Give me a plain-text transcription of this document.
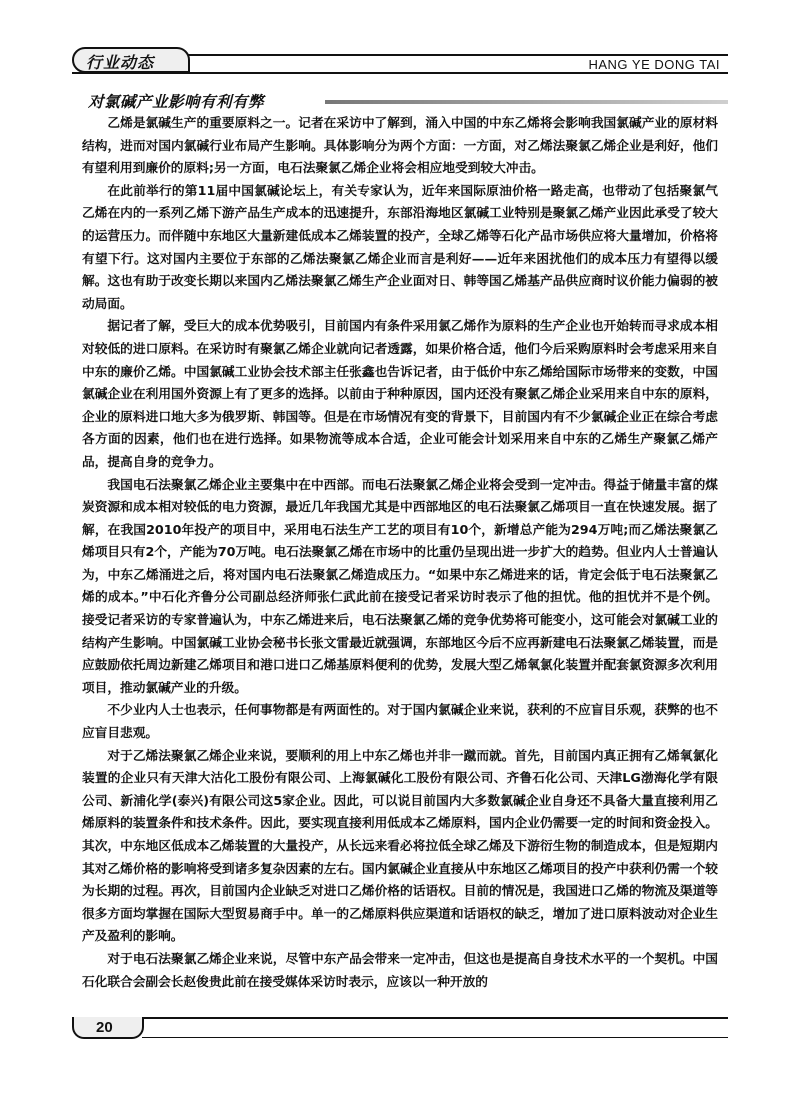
行业动态	HANG YE DONG TAI
对氯碱产业影响有利有弊

乙烯是氯碱生产的重要原料之一。记者在采访中了解到，涌入中国的中东乙烯将会影响我国氯碱产业的原材料结构，进而对国内氯碱行业布局产生影响。具体影响分为两个方面：一方面，对乙烯法聚氯乙烯企业是利好，他们有望利用到廉价的原料;另一方面，电石法聚氯乙烯企业将会相应地受到较大冲击。

在此前举行的第11届中国氯碱论坛上，有关专家认为，近年来国际原油价格一路走高，也带动了包括聚氯气乙烯在内的一系列乙烯下游产品生产成本的迅速提升，东部沿海地区氯碱工业特别是聚氯乙烯产业因此承受了较大的运营压力。而伴随中东地区大量新建低成本乙烯装置的投产，全球乙烯等石化产品市场供应将大量增加，价格将有望下行。这对国内主要位于东部的乙烯法聚氯乙烯企业而言是利好——近年来困扰他们的成本压力有望得以缓解。这也有助于改变长期以来国内乙烯法聚氯乙烯生产企业面对日、韩等国乙烯基产品供应商时议价能力偏弱的被动局面。

据记者了解，受巨大的成本优势吸引，目前国内有条件采用氯乙烯作为原料的生产企业也开始转而寻求成本相对较低的进口原料。在采访时有聚氯乙烯企业就向记者透露，如果价格合适，他们今后采购原料时会考虑采用来自中东的廉价乙烯。中国氯碱工业协会技术部主任张鑫也告诉记者，由于低价中东乙烯给国际市场带来的变数，中国氯碱企业在利用国外资源上有了更多的选择。以前由于种种原因，国内还没有聚氯乙烯企业采用来自中东的原料，企业的原料进口地大多为俄罗斯、韩国等。但是在市场情况有变的背景下，目前国内有不少氯碱企业正在综合考虑各方面的因素，他们也在进行选择。如果物流等成本合适，企业可能会计划采用来自中东的乙烯生产聚氯乙烯产品，提高自身的竞争力。

我国电石法聚氯乙烯企业主要集中在中西部。而电石法聚氯乙烯企业将会受到一定冲击。得益于储量丰富的煤炭资源和成本相对较低的电力资源，最近几年我国尤其是中西部地区的电石法聚氯乙烯项目一直在快速发展。据了解，在我国2010年投产的项目中，采用电石法生产工艺的项目有10个，新增总产能为294万吨;而乙烯法聚氯乙烯项目只有2个，产能为70万吨。电石法聚氯乙烯在市场中的比重仍呈现出进一步扩大的趋势。但业内人士普遍认为，中东乙烯涌进之后，将对国内电石法聚氯乙烯造成压力。“如果中东乙烯进来的话，肯定会低于电石法聚氯乙烯的成本。”中石化齐鲁分公司副总经济师张仁武此前在接受记者采访时表示了他的担忧。他的担忧并不是个例。接受记者采访的专家普遍认为，中东乙烯进来后，电石法聚氯乙烯的竞争优势将可能变小，这可能会对氯碱工业的结构产生影响。中国氯碱工业协会秘书长张文雷最近就强调，东部地区今后不应再新建电石法聚氯乙烯装置，而是应鼓励依托周边新建乙烯项目和港口进口乙烯基原料便利的优势，发展大型乙烯氧氯化装置并配套氯资源多次利用项目，推动氯碱产业的升级。

不少业内人士也表示，任何事物都是有两面性的。对于国内氯碱企业来说，获利的不应盲目乐观，获弊的也不应盲目悲观。

对于乙烯法聚氯乙烯企业来说，要顺利的用上中东乙烯也并非一蹴而就。首先，目前国内真正拥有乙烯氧氯化装置的企业只有天津大沽化工股份有限公司、上海氯碱化工股份有限公司、齐鲁石化公司、天津LG渤海化学有限公司、新浦化学(泰兴)有限公司这5家企业。因此，可以说目前国内大多数氯碱企业自身还不具备大量直接利用乙烯原料的装置条件和技术条件。因此，要实现直接利用低成本乙烯原料，国内企业仍需要一定的时间和资金投入。其次，中东地区低成本乙烯装置的大量投产，从长远来看必将拉低全球乙烯及下游衍生物的制造成本，但是短期内其对乙烯价格的影响将受到诸多复杂因素的左右。国内氯碱企业直接从中东地区乙烯项目的投产中获利仍需一个较为长期的过程。再次，目前国内企业缺乏对进口乙烯价格的话语权。目前的情况是，我国进口乙烯的物流及渠道等很多方面均掌握在国际大型贸易商手中。单一的乙烯原料供应渠道和话语权的缺乏，增加了进口原料波动对企业生产及盈利的影响。

对于电石法聚氯乙烯企业来说，尽管中东产品会带来一定冲击，但这也是提高自身技术水平的一个契机。中国石化联合会副会长赵俊贵此前在接受媒体采访时表示，应该以一种开放的

20
